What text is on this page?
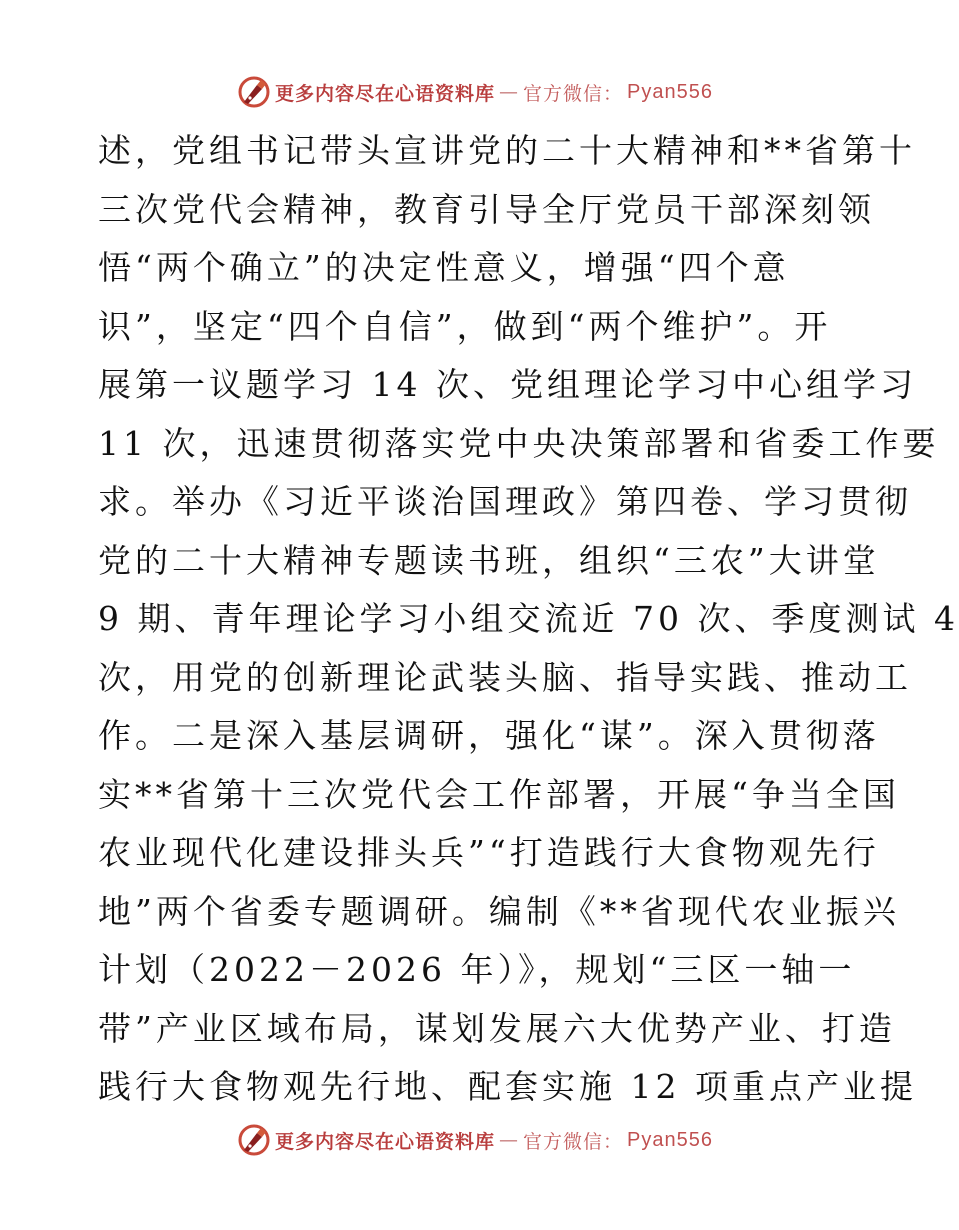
更多内容尽在心语资料库 — 官方微信： Pyan556
述，党组书记带头宣讲党的二十大精神和**省第十
三次党代会精神，教育引导全厅党员干部深刻领
悟“两个确立”的决定性意义，增强“四个意
识”，坚定“四个自信”，做到“两个维护”。开
展第一议题学习 14 次、党组理论学习中心组学习
11 次，迅速贯彻落实党中央决策部署和省委工作要
求。举办《习近平谈治国理政》第四卷、学习贯彻
党的二十大精神专题读书班，组织“三农”大讲堂
9 期、青年理论学习小组交流近 70 次、季度测试 4
次，用党的创新理论武装头脑、指导实践、推动工
作。二是深入基层调研，强化“谋”。深入贯彻落
实**省第十三次党代会工作部署，开展“争当全国
农业现代化建设排头兵”“打造践行大食物观先行
地”两个省委专题调研。编制《**省现代农业振兴
计划（2022－2026 年）》，规划“三区一轴一
带”产业区域布局，谋划发展六大优势产业、打造
践行大食物观先行地、配套实施 12 项重点产业提
更多内容尽在心语资料库 — 官方微信： Pyan556
